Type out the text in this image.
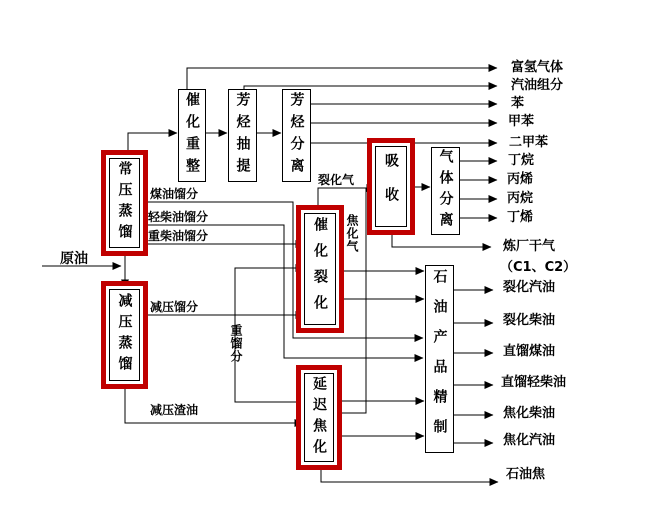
常压蒸馏
减压蒸馏
催化重整 芳烃抽提	芳烃分离
催化裂化
吸收	气体分离
石油产品精制
延迟焦化
原油
煤油馏分
轻柴油馏分
重柴油馏分
减压馏分
减压渣油
裂化气
焦化气
重馏分
富氢气体
汽油组分
苯
甲苯
二甲苯
丁烷
丙烯
丙烷
丁烯
炼厂干气
（C1、C2）
裂化汽油
裂化柴油
直馏煤油
直馏轻柴油
焦化柴油
焦化汽油
石油焦
